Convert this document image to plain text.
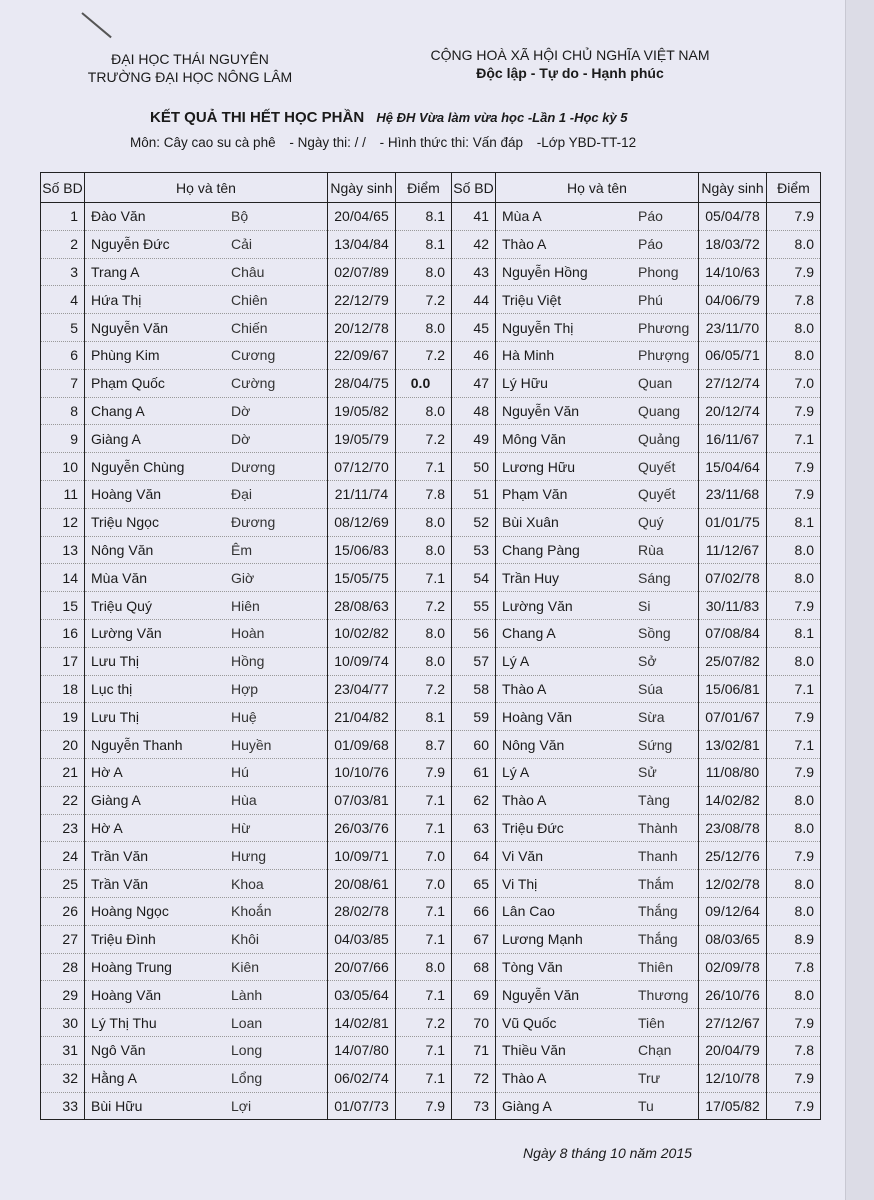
ĐẠI HỌC THÁI NGUYÊN
TRƯỜNG ĐẠI HỌC NÔNG LÂM
CỘNG HOÀ XÃ HỘI CHỦ NGHĨA VIỆT NAM
Độc lập - Tự do - Hạnh phúc
KẾT QUẢ THI HẾT HỌC PHẦN Hệ ĐH Vừa làm vừa học -Lần 1 -Học kỳ 5
Môn: Cây cao su cà phê - Ngày thi: / / - Hình thức thi: Vấn đáp -Lớp YBD-TT-12
Số BD	Họ và tên	Ngày sinh	Điểm	Số BD	Họ và tên	Ngày sinh	Điểm
1	Đào Văn Bộ	20/04/65	8.1	41	Mùa A Páo	05/04/78	7.9
2	Nguyễn Đức Cải	13/04/84	8.1	42	Thào A Páo	18/03/72	8.0
3	Trang A Châu	02/07/89	8.0	43	Nguyễn Hồng Phong	14/10/63	7.9
4	Hứa Thị Chiên	22/12/79	7.2	44	Triệu Việt Phú	04/06/79	7.8
5	Nguyễn Văn Chiến	20/12/78	8.0	45	Nguyễn Thị Phương	23/11/70	8.0
6	Phùng Kim Cương	22/09/67	7.2	46	Hà Minh Phượng	06/05/71	8.0
7	Phạm Quốc Cường	28/04/75	0.0	47	Lý Hữu Quan	27/12/74	7.0
8	Chang A Dờ	19/05/82	8.0	48	Nguyễn Văn Quang	20/12/74	7.9
9	Giàng A Dờ	19/05/79	7.2	49	Mông Văn Quảng	16/11/67	7.1
10	Nguyễn Chùng Dương	07/12/70	7.1	50	Lương Hữu Quyết	15/04/64	7.9
11	Hoàng Văn Đại	21/11/74	7.8	51	Phạm Văn Quyết	23/11/68	7.9
12	Triệu Ngọc Đương	08/12/69	8.0	52	Bùi Xuân Quý	01/01/75	8.1
13	Nông Văn Êm	15/06/83	8.0	53	Chang Pàng Rùa	11/12/67	8.0
14	Mùa Văn Giờ	15/05/75	7.1	54	Trần Huy Sáng	07/02/78	8.0
15	Triệu Quý Hiên	28/08/63	7.2	55	Lường Văn Si	30/11/83	7.9
16	Lường Văn Hoàn	10/02/82	8.0	56	Chang A Sồng	07/08/84	8.1
17	Lưu Thị Hồng	10/09/74	8.0	57	Lý A Sở	25/07/82	8.0
18	Lục thị Hợp	23/04/77	7.2	58	Thào A Súa	15/06/81	7.1
19	Lưu Thị Huệ	21/04/82	8.1	59	Hoàng Văn Sừa	07/01/67	7.9
20	Nguyễn Thanh Huyền	01/09/68	8.7	60	Nông Văn Sứng	13/02/81	7.1
21	Hờ A Hú	10/10/76	7.9	61	Lý A Sử	11/08/80	7.9
22	Giàng A Hùa	07/03/81	7.1	62	Thào A Tàng	14/02/82	8.0
23	Hờ A Hừ	26/03/76	7.1	63	Triệu Đức Thành	23/08/78	8.0
24	Trần Văn Hưng	10/09/71	7.0	64	Vi Văn Thanh	25/12/76	7.9
25	Trần Văn Khoa	20/08/61	7.0	65	Vi Thị Thắm	12/02/78	8.0
26	Hoàng Ngọc Khoắn	28/02/78	7.1	66	Lân Cao Thắng	09/12/64	8.0
27	Triệu Đình Khôi	04/03/85	7.1	67	Lương Mạnh Thắng	08/03/65	8.9
28	Hoàng Trung Kiên	20/07/66	8.0	68	Tòng Văn Thiên	02/09/78	7.8
29	Hoàng Văn Lành	03/05/64	7.1	69	Nguyễn Văn Thương	26/10/76	8.0
30	Lý Thị Thu Loan	14/02/81	7.2	70	Vũ Quốc Tiên	27/12/67	7.9
31	Ngô Văn Long	14/07/80	7.1	71	Thiều Văn Chạn	20/04/79	7.8
32	Hằng A Lổng	06/02/74	7.1	72	Thào A Trư	12/10/78	7.9
33	Bùi Hữu Lợi	01/07/73	7.9	73	Giàng A Tu	17/05/82	7.9
Ngày 8 tháng 10 năm 2015
